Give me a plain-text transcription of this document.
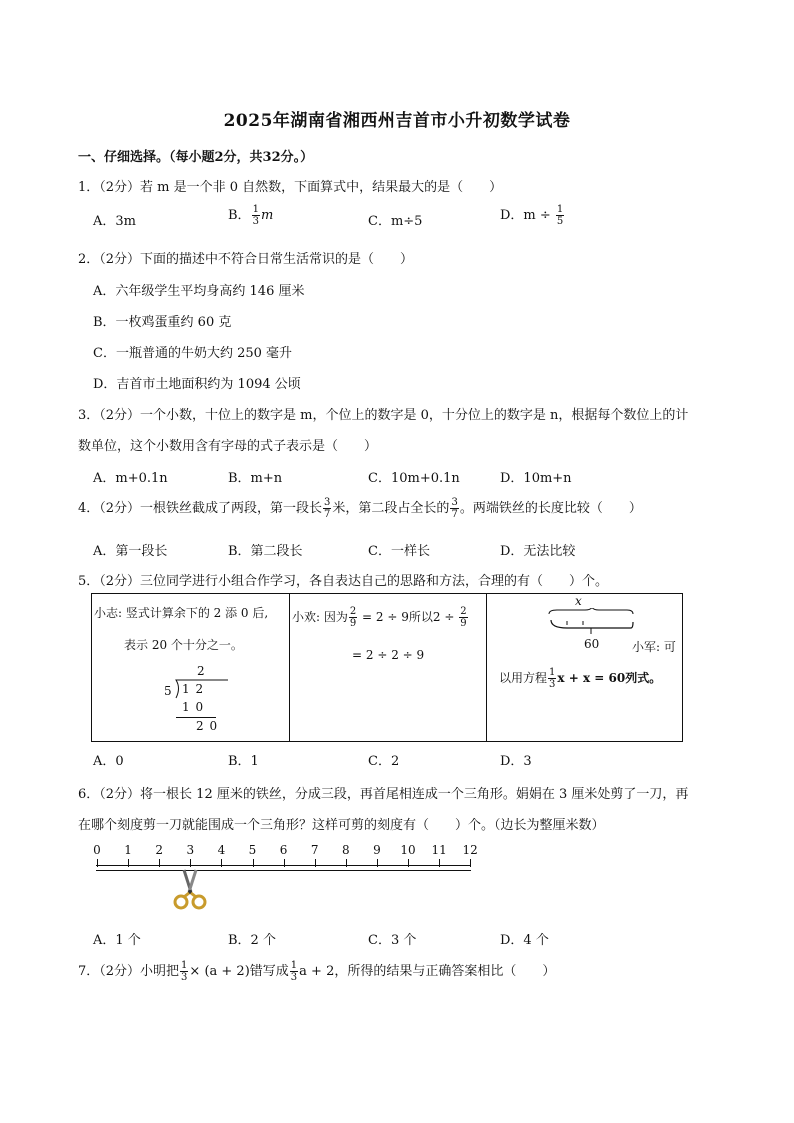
2025年湖南省湘西州吉首市小升初数学试卷
一、仔细选择。（每小题2分，共32分。）
1．（2分）若 m 是一个非 0 自然数，下面算式中，结果最大的是（　　）
A．3m	B． $\frac{1}{3}$ m	C．m÷5	D．$m \div \frac{1}{5}$
2．（2分）下面的描述中不符合日常生活常识的是（　　）
A．六年级学生平均身高约 146 厘米
B．一枚鸡蛋重约 60 克
C．一瓶普通的牛奶大约 250 毫升
D．吉首市土地面积约为 1094 公顷
3．（2分）一个小数，十位上的数字是 m，个位上的数字是 0，十分位上的数字是 n，根据每个数位上的计
数单位，这个小数用含有字母的式子表示是（　　）
A．m+0.1n	B．m+n	C．10m+0.1n	D．10m+n
4．（2分）一根铁丝截成了两段，第一段长 $\frac{3}{7}$ 米，第二段占全长的 $\frac{3}{7}$ 。两端铁丝的长度比较（　　）
A．第一段长	B．第二段长	C．一样长	D．无法比较
5．（2分）三位同学进行小组合作学习，各自表达自己的思路和方法，合理的有（　　）个。
小志: 竖式计算余下的 2 添 0 后,
表示 20 个十分之一。
2
5 1 2
1 0
2 0
小欢: 因为 $\frac{2}{9} = 2 \div 9$所以$2 \div \frac{2}{9}$
= 2 ÷ 2 ÷ 9
x
60	小军: 可
以用方程 $\frac{1}{3}$ x + x = 60列式。
A．0	B．1	C．2	D．3
6．（2分）将一根长 12 厘米的铁丝，分成三段，再首尾相连成一个三角形。娟娟在 3 厘米处剪了一刀，再
在哪个刻度剪一刀就能围成一个三角形？这样可剪的刻度有（　　）个。（边长为整厘米数）
0 1 2 3 4 5 6 7 8 9 10 11 12
A．1 个	B．2 个	C．3 个	D．4 个
7．（2分）小明把 $\frac{1}{3} \times (a + 2)$错写成 $\frac{1}{3}$ a + 2，所得的结果与正确答案相比（　　）
